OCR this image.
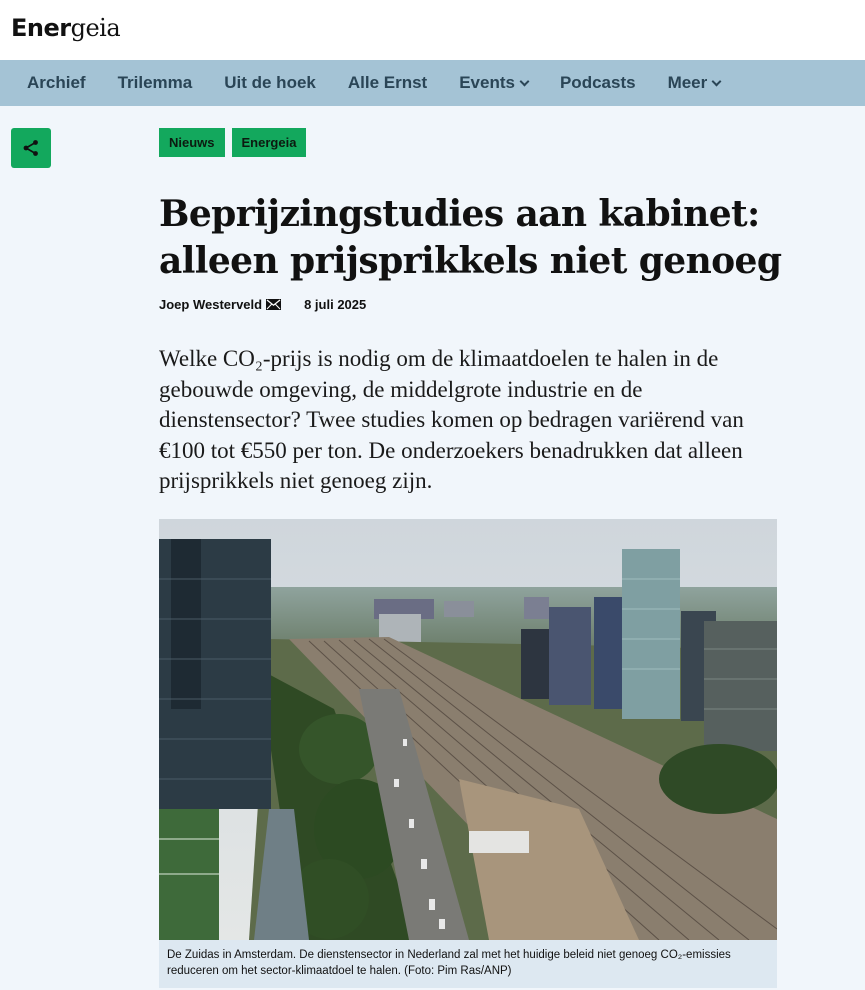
Energeia
Archief Trilemma Uit de hoek Alle Ernst Events	Podcasts Meer
Nieuws	Energeia
Beprijzingstudies aan kabinet: alleen prijsprikkels niet genoeg
Joep Westerveld	8 juli 2025

Welke CO₂-prijs is nodig om de klimaatdoelen te halen in de gebouwde omgeving, de middelgrote industrie en de dienstensector? Twee studies komen op bedragen variërend van €100 tot €550 per ton. De onderzoekers benadrukken dat alleen prijsprikkels niet genoeg zijn.

De Zuidas in Amsterdam. De dienstensector in Nederland zal met het huidige beleid niet genoeg CO₂-emissies reduceren om het sector-klimaatdoel te halen. (Foto: Pim Ras/ANP)
